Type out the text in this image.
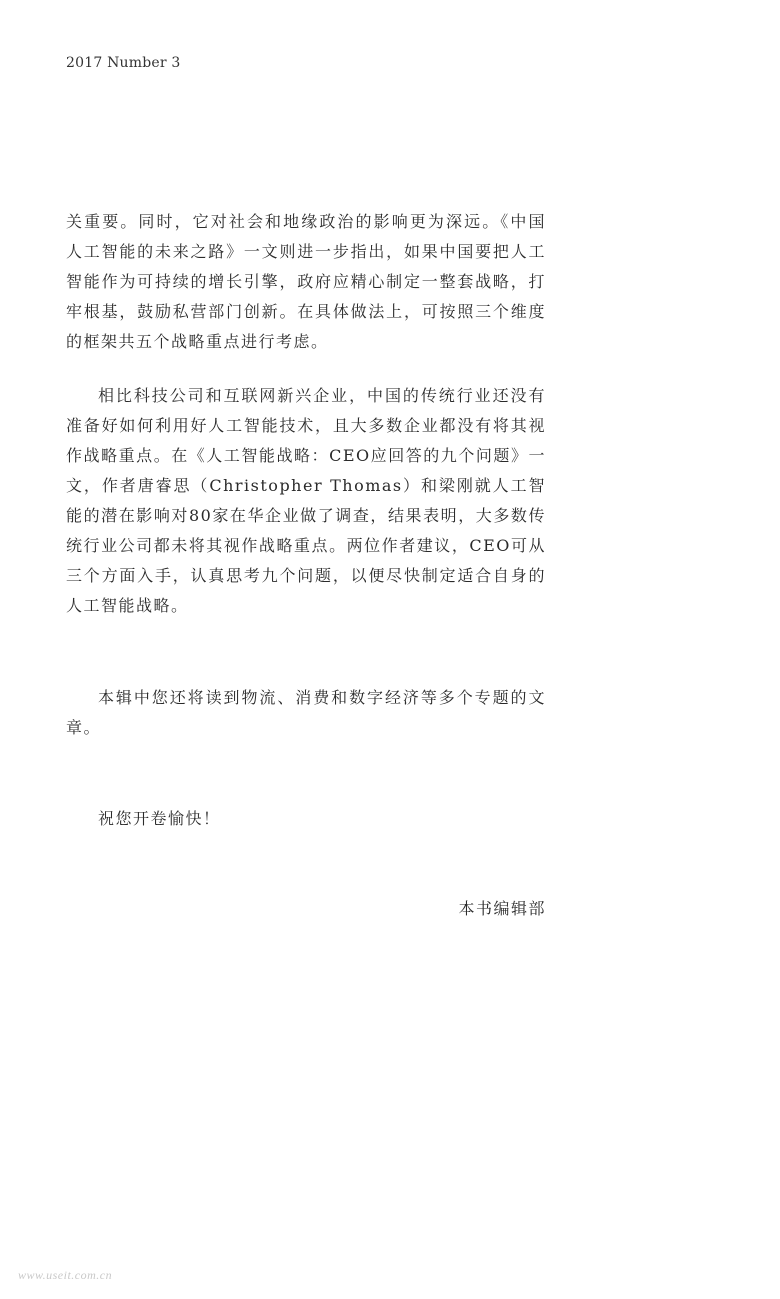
2017 Number 3

关重要。同时，它对社会和地缘政治的影响更为深远。《中国人工智能的未来之路》一文则进一步指出，如果中国要把人工智能作为可持续的增长引擎，政府应精心制定一整套战略，打牢根基，鼓励私营部门创新。在具体做法上，可按照三个维度的框架共五个战略重点进行考虑。

相比科技公司和互联网新兴企业，中国的传统行业还没有准备好如何利用好人工智能技术，且大多数企业都没有将其视作战略重点。在《人工智能战略：CEO应回答的九个问题》一文，作者唐睿思（Christopher Thomas）和梁刚就人工智能的潜在影响对80家在华企业做了调查，结果表明，大多数传统行业公司都未将其视作战略重点。两位作者建议，CEO可从三个方面入手，认真思考九个问题，以便尽快制定适合自身的人工智能战略。

本辑中您还将读到物流、消费和数字经济等多个专题的文章。

祝您开卷愉快！

本书编辑部
www.useit.com.cn
